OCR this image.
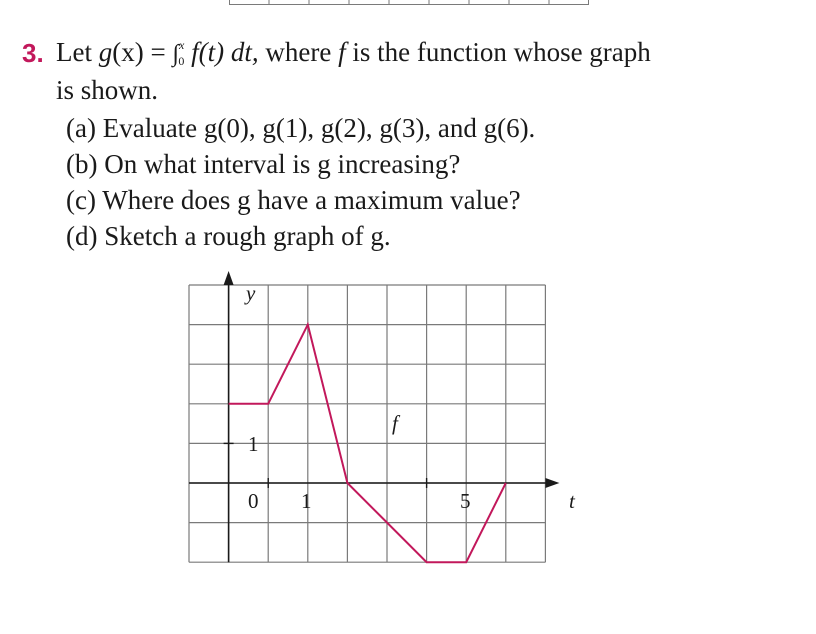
3. Let g(x) = ∫$^x$0 f(t) dt, where f is the function whose graph
is shown.
(a) Evaluate g(0), g(1), g(2), g(3), and g(6).
(b) On what interval is g increasing?
(c) Where does g have a maximum value?
(d) Sketch a rough graph of g.
y
t
0 1	5
1
f
